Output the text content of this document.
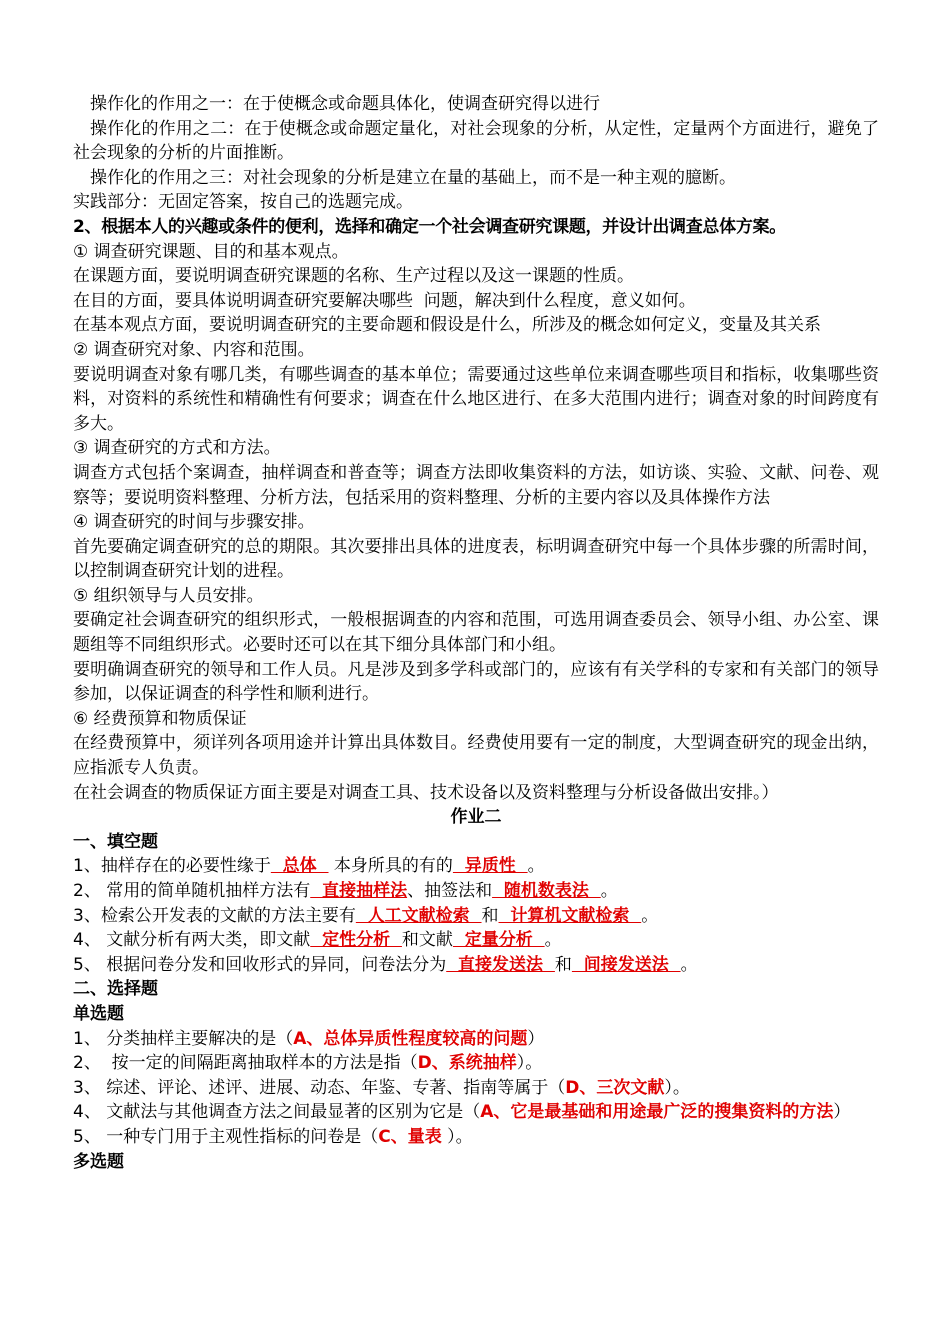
操作化的作用之一：在于使概念或命题具体化，使调查研究得以进行

操作化的作用之二：在于使概念或命题定量化，对社会现象的分析，从定性，定量两个方面进行，避免了社会现象的分析的片面推断。

操作化的作用之三：对社会现象的分析是建立在量的基础上，而不是一种主观的臆断。

实践部分：无固定答案，按自己的选题完成。

2、根据本人的兴趣或条件的便利，选择和确定一个社会调查研究课题，并设计出调查总体方案。

① 调查研究课题、目的和基本观点。

在课题方面，要说明调查研究课题的名称、生产过程以及这一课题的性质。

在目的方面，要具体说明调查研究要解决哪些  问题，解决到什么程度，意义如何。

在基本观点方面，要说明调查研究的主要命题和假设是什么，所涉及的概念如何定义，变量及其关系

② 调查研究对象、内容和范围。

要说明调查对象有哪几类，有哪些调查的基本单位；需要通过这些单位来调查哪些项目和指标，收集哪些资料，对资料的系统性和精确性有何要求；调查在什么地区进行、在多大范围内进行；调查对象的时间跨度有多大。

③ 调查研究的方式和方法。

调查方式包括个案调查，抽样调查和普查等；调查方法即收集资料的方法，如访谈、实验、文献、问卷、观察等；要说明资料整理、分析方法，包括采用的资料整理、分析的主要内容以及具体操作方法

④ 调查研究的时间与步骤安排。

首先要确定调查研究的总的期限。其次要排出具体的进度表，标明调查研究中每一个具体步骤的所需时间，以控制调查研究计划的进程。

⑤ 组织领导与人员安排。

要确定社会调查研究的组织形式，一般根据调查的内容和范围，可选用调查委员会、领导小组、办公室、课题组等不同组织形式。必要时还可以在其下细分具体部门和小组。

要明确调查研究的领导和工作人员。凡是涉及到多学科或部门的，应该有有关学科的专家和有关部门的领导参加，以保证调查的科学性和顺利进行。

⑥ 经费预算和物质保证

在经费预算中，须详列各项用途并计算出具体数目。经费使用要有一定的制度，大型调查研究的现金出纳，应指派专人负责。

在社会调查的物质保证方面主要是对调查工具、技术设备以及资料整理与分析设备做出安排。）

作业二

一、填空题

1、抽样存在的必要性缘于  总体   本身所具的有的  异质性  。

2、 常用的简单随机抽样方法有  直接抽样法、抽签法和  随机数表法  。

3、检索公开发表的文献的方法主要有  人工文献检索  和  计算机文献检索  。

4、 文献分析有两大类，即文献  定性分析  和文献  定量分析  。

5、 根据问卷分发和回收形式的异同，问卷法分为  直接发送法  和  间接发送法  。

二、选择题

单选题

1、 分类抽样主要解决的是（A、总体异质性程度较高的问题）

2、  按一定的间隔距离抽取样本的方法是指（D、系统抽样）。

3、 综述、评论、述评、进展、动态、年鉴、专著、指南等属于（D、三次文献）。

4、 文献法与其他调查方法之间最显著的区别为它是（A、它是最基础和用途最广泛的搜集资料的方法）

5、 一种专门用于主观性指标的问卷是（C、量表 ）。

多选题
